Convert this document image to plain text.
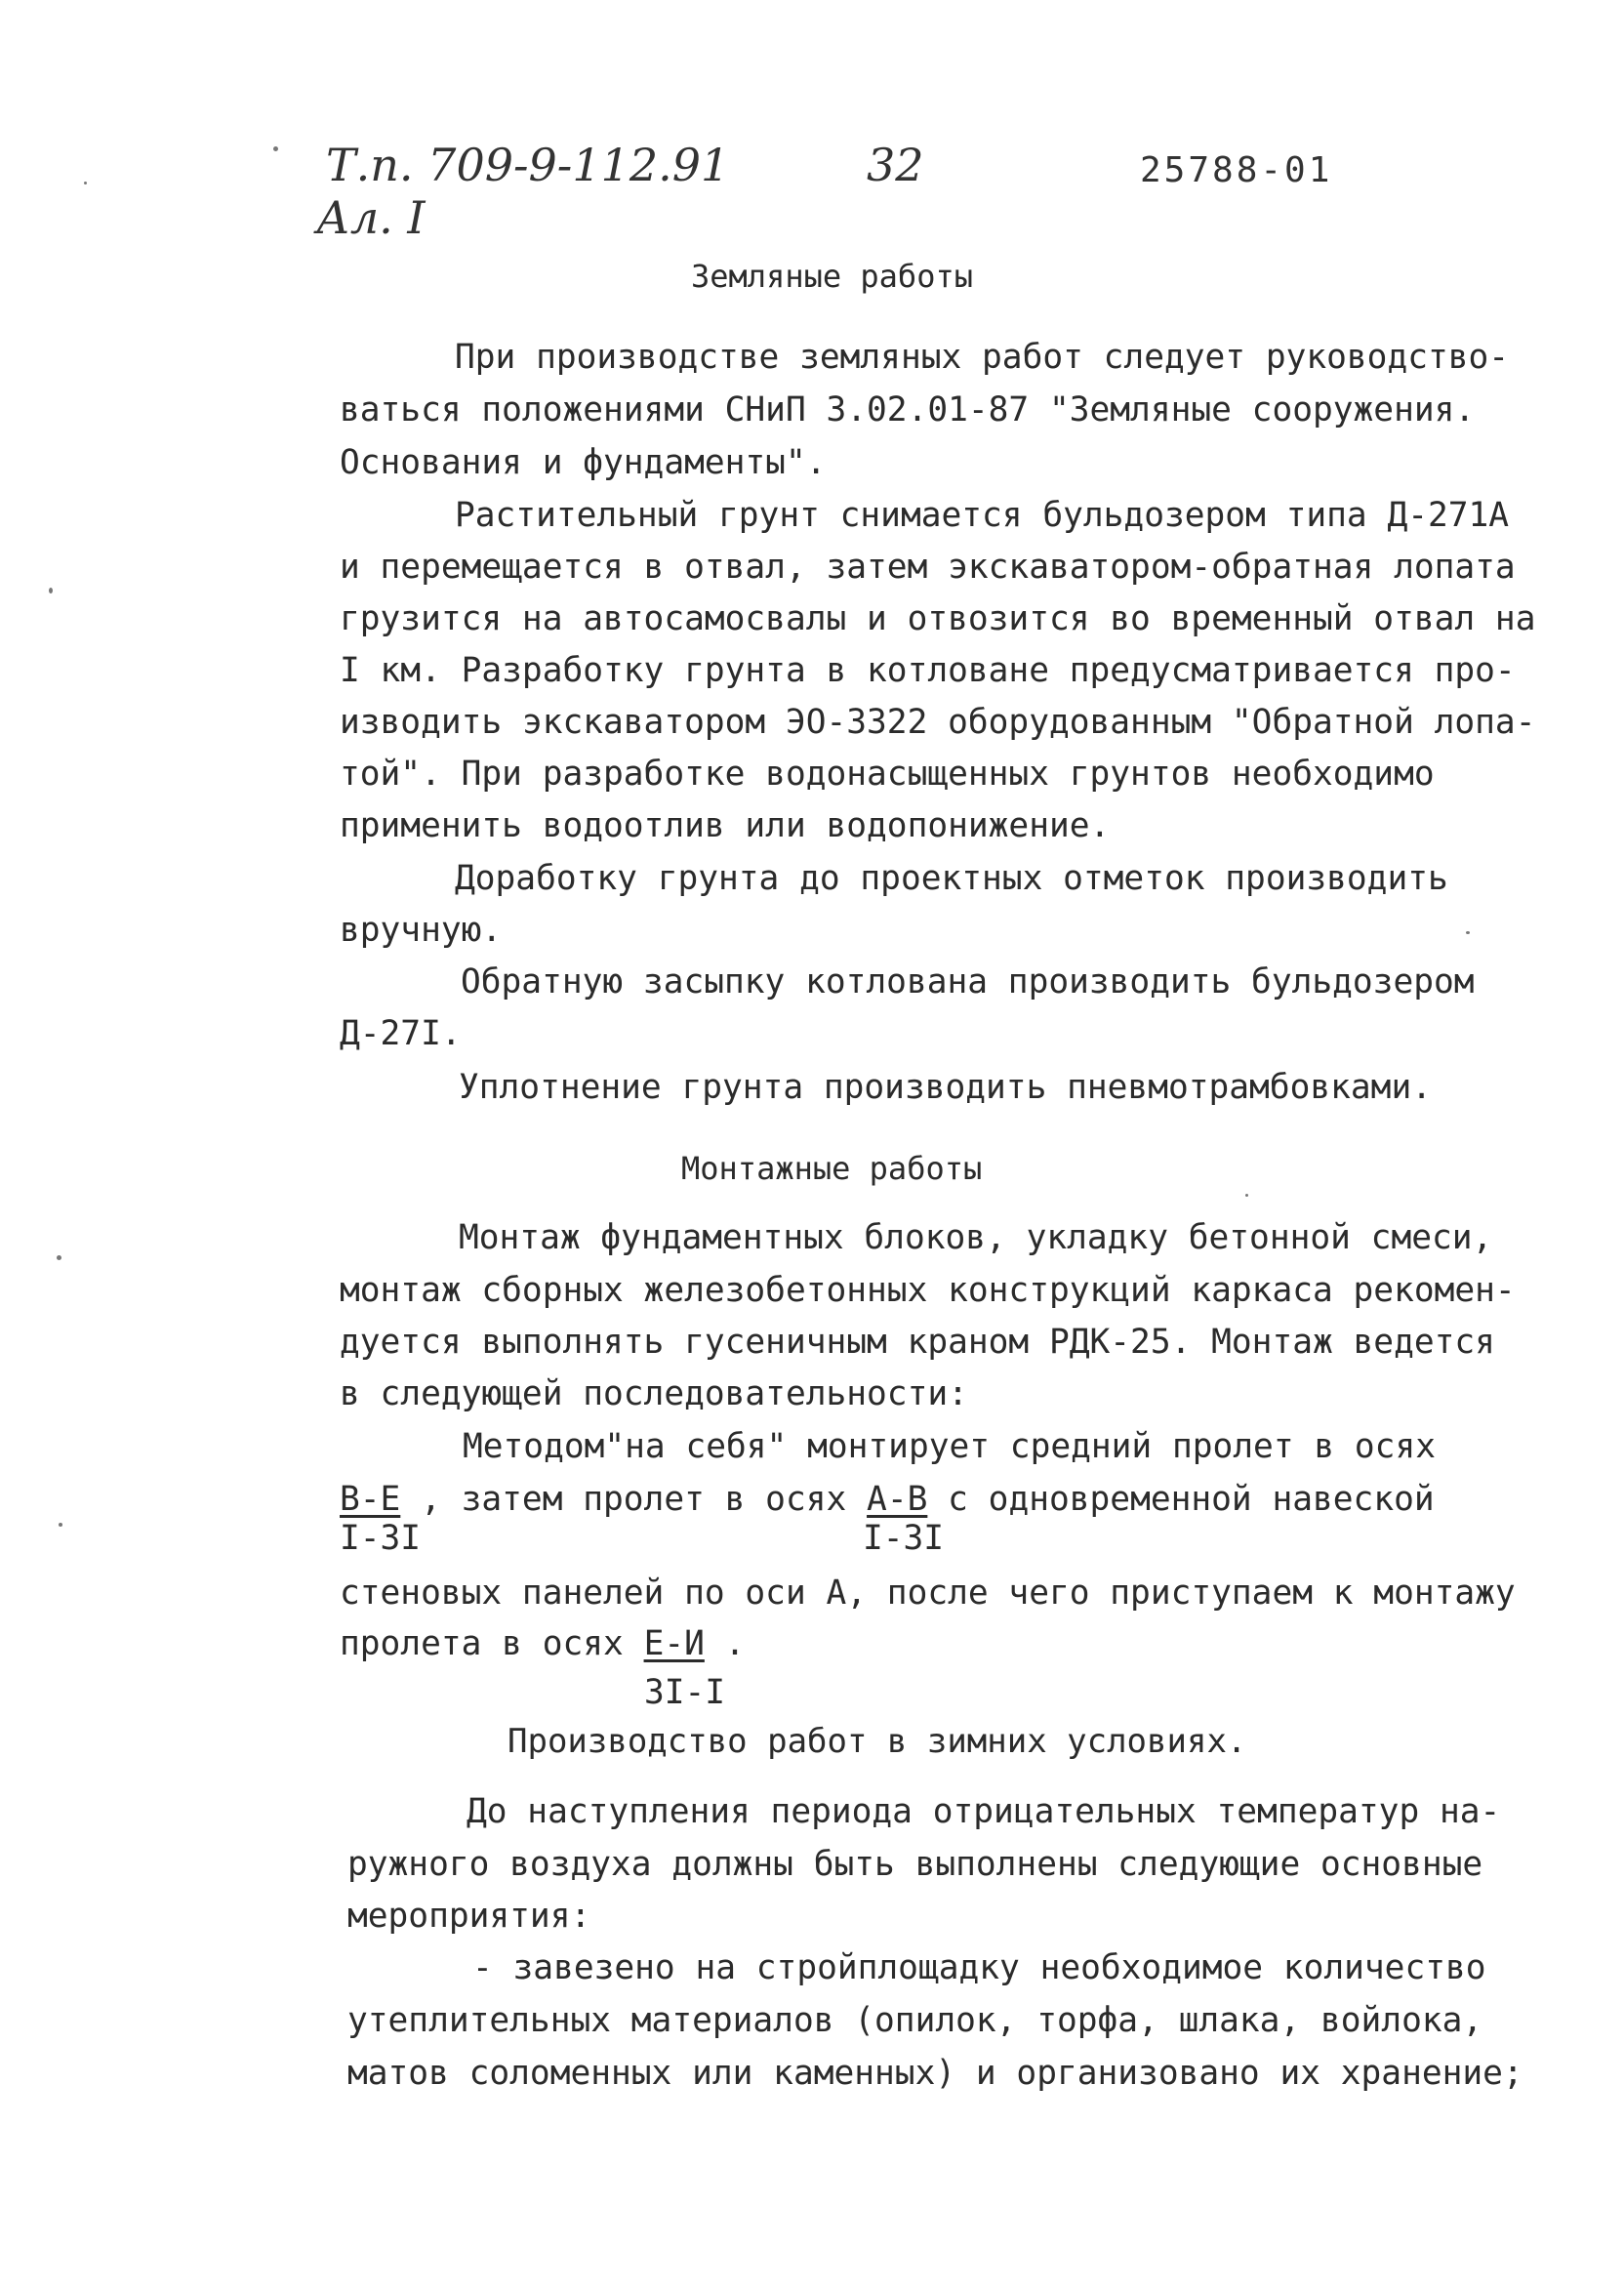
Т.п. 709-9-112.91
Ал. I
32	25788-01
Земляные работы
При производстве земляных работ следует руководство-
ваться положениями СНиП 3.02.01-87 "Земляные сооружения.
Основания и фундаменты".
Растительный грунт снимается бульдозером типа Д-271А
и перемещается в отвал, затем экскаватором-обратная лопата
грузится на автосамосвалы и отвозится во временный отвал на
I км. Разработку грунта в котловане предусматривается про-
изводить экскаватором ЭО-3322 оборудованным "Обратной лопа-
той". При разработке водонасыщенных грунтов необходимо
применить водоотлив или водопонижение.
Доработку грунта до проектных отметок производить
вручную.
Обратную засыпку котлована производить бульдозером
Д-27I.
Уплотнение грунта производить пневмотрамбовками.
Монтажные работы
Монтаж фундаментных блоков, укладку бетонной смеси,
монтаж сборных железобетонных конструкций каркаса рекомен-
дуется выполнять гусеничным краном РДК-25. Монтаж ведется
в следующей последовательности:
Методом"на себя" монтирует средний пролет в осях
В-Е , затем пролет в осях А-В с одновременной навеской
I-3I	I-3I
стеновых панелей по оси А, после чего приступаем к монтажу
пролета в осях Е-И .
3I-I
Производство работ в зимних условиях.
До наступления периода отрицательных температур на-
ружного воздуха должны быть выполнены следующие основные
мероприятия:
- завезено на стройплощадку необходимое количество
утеплительных материалов (опилок, торфа, шлака, войлока,
матов соломенных или каменных) и организовано их хранение;
